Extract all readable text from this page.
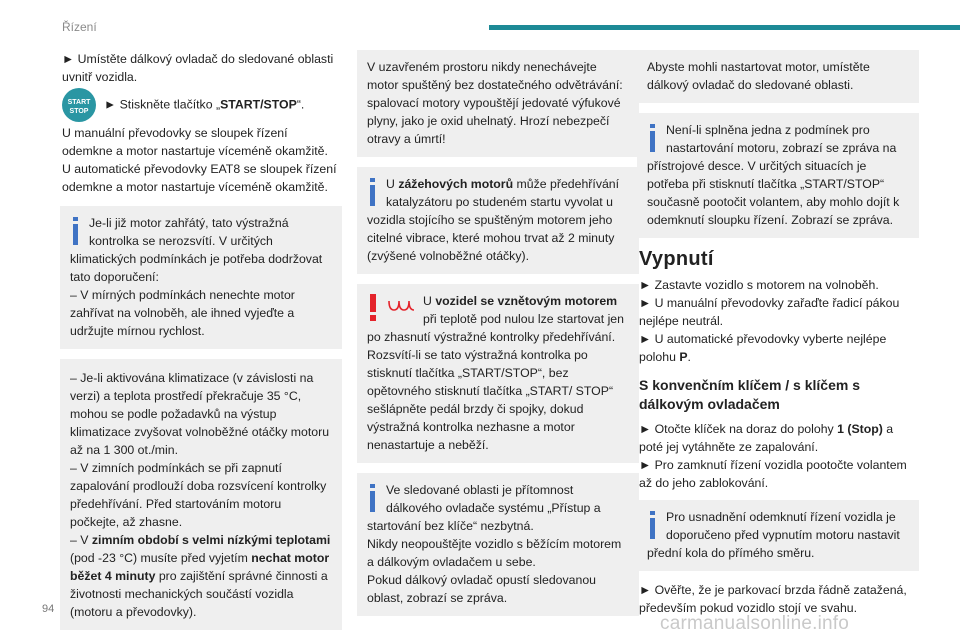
Řízení

► Umístěte dálkový ovladač do sledované oblasti uvnitř vozidla.

START
STOP► Stiskněte tlačítko „START/STOP“.

U manuální převodovky se sloupek řízení odemkne a motor nastartuje víceméně okamžitě.

U automatické převodovky EAT8 se sloupek řízení odemkne a motor nastartuje víceméně okamžitě.

Je-li již motor zahřátý, tato výstražná kontrolka se nerozsvítí. V určitých klimatických podmínkách je potřeba dodržovat tato doporučení:

– V mírných podmínkách nenechte motor zahřívat na volnoběh, ale ihned vyjeďte a udržujte mírnou rychlost.

– Je-li aktivována klimatizace (v závislosti na verzi) a teplota prostředí překračuje 35 °C, mohou se podle požadavků na výstup klimatizace zvyšovat volnoběžné otáčky motoru až na 1 300 ot./min.

– V zimních podmínkách se při zapnutí zapalování prodlouží doba rozsvícení kontrolky předehřívání. Před startováním motoru počkejte, až zhasne.

– V zimním období s velmi nízkými teplotami (pod -23 °C) musíte před vyjetím nechat motor běžet 4 minuty pro zajištění správné činnosti a životnosti mechanických součástí vozidla (motoru a převodovky).

V uzavřeném prostoru nikdy nenechávejte motor spuštěný bez dostatečného odvětrávání: spalovací motory vypouštějí jedovaté výfukové plyny, jako je oxid uhelnatý. Hrozí nebezpečí otravy a úmrtí!

U zážehových motorů může předehřívání katalyzátoru po studeném startu vyvolat u vozidla stojícího se spuštěným motorem jeho citelné vibrace, které mohou trvat až 2 minuty (zvýšené volnoběžné otáčky).

U vozidel se vznětovým motorem při teplotě pod nulou lze startovat jen po zhasnutí výstražné kontrolky předehřívání.

Rozsvítí-li se tato výstražná kontrolka po stisknutí tlačítka „START/STOP“, bez opětovného stisknutí tlačítka „START/ STOP“ sešlápněte pedál brzdy či spojky, dokud výstražná kontrolka nezhasne a motor nenastartuje a neběží.

Ve sledované oblasti je přítomnost dálkového ovladače systému „Přístup a startování bez klíče“ nezbytná.

Nikdy neopouštějte vozidlo s běžícím motorem a dálkovým ovladačem u sebe.

Pokud dálkový ovladač opustí sledovanou oblast, zobrazí se zpráva.

Abyste mohli nastartovat motor, umístěte dálkový ovladač do sledované oblasti.

Není-li splněna jedna z podmínek pro nastartování motoru, zobrazí se zpráva na přístrojové desce. V určitých situacích je potřeba při stisknutí tlačítka „START/STOP“ současně pootočit volantem, aby mohlo dojít k odemknutí sloupku řízení. Zobrazí se zpráva.

Vypnutí

► Zastavte vozidlo s motorem na volnoběh.

► U manuální převodovky zařaďte řadicí pákou nejlépe neutrál.

► U automatické převodovky vyberte nejlépe polohu P.

S konvenčním klíčem / s klíčem s dálkovým ovladačem

► Otočte klíček na doraz do polohy 1 (Stop) a poté jej vytáhněte ze zapalování.

► Pro zamknutí řízení vozidla pootočte volantem až do jeho zablokování.

Pro usnadnění odemknutí řízení vozidla je doporučeno před vypnutím motoru nastavit přední kola do přímého směru.

► Ověřte, že je parkovací brzda řádně zatažená, především pokud vozidlo stojí ve svahu.

94
carmanualsonline.info
